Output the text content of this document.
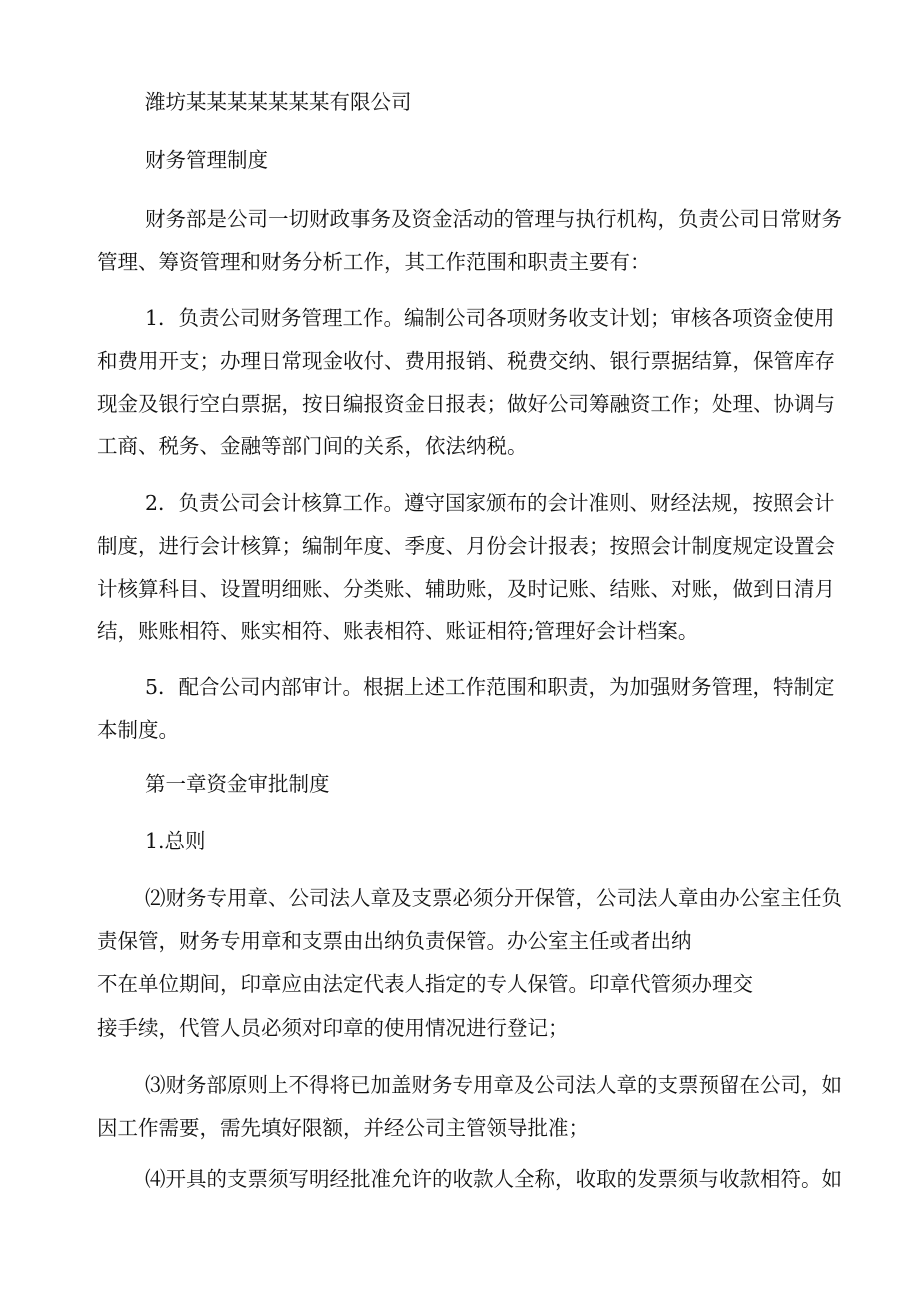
潍坊某某某某某某某有限公司
财务管理制度
财务部是公司一切财政事务及资金活动的管理与执行机构，负责公司日常财务
管理、筹资管理和财务分析工作，其工作范围和职责主要有：
1．负责公司财务管理工作。编制公司各项财务收支计划；审核各项资金使用
和费用开支；办理日常现金收付、费用报销、税费交纳、银行票据结算，保管库存
现金及银行空白票据，按日编报资金日报表；做好公司筹融资工作；处理、协调与
工商、税务、金融等部门间的关系，依法纳税。
2．负责公司会计核算工作。遵守国家颁布的会计准则、财经法规，按照会计
制度，进行会计核算；编制年度、季度、月份会计报表；按照会计制度规定设置会
计核算科目、设置明细账、分类账、辅助账，及时记账、结账、对账，做到日清月
结，账账相符、账实相符、账表相符、账证相符;管理好会计档案。
5．配合公司内部审计。根据上述工作范围和职责，为加强财务管理，特制定
本制度。
第一章资金审批制度
1.总则
⑵财务专用章、公司法人章及支票必须分开保管，公司法人章由办公室主任负
责保管，财务专用章和支票由出纳负责保管。办公室主任或者出纳
不在单位期间，印章应由法定代表人指定的专人保管。印章代管须办理交
接手续，代管人员必须对印章的使用情况进行登记；
⑶财务部原则上不得将已加盖财务专用章及公司法人章的支票预留在公司，如
因工作需要，需先填好限额，并经公司主管领导批准；
⑷开具的支票须写明经批准允许的收款人全称，收取的发票须与收款相符。如
